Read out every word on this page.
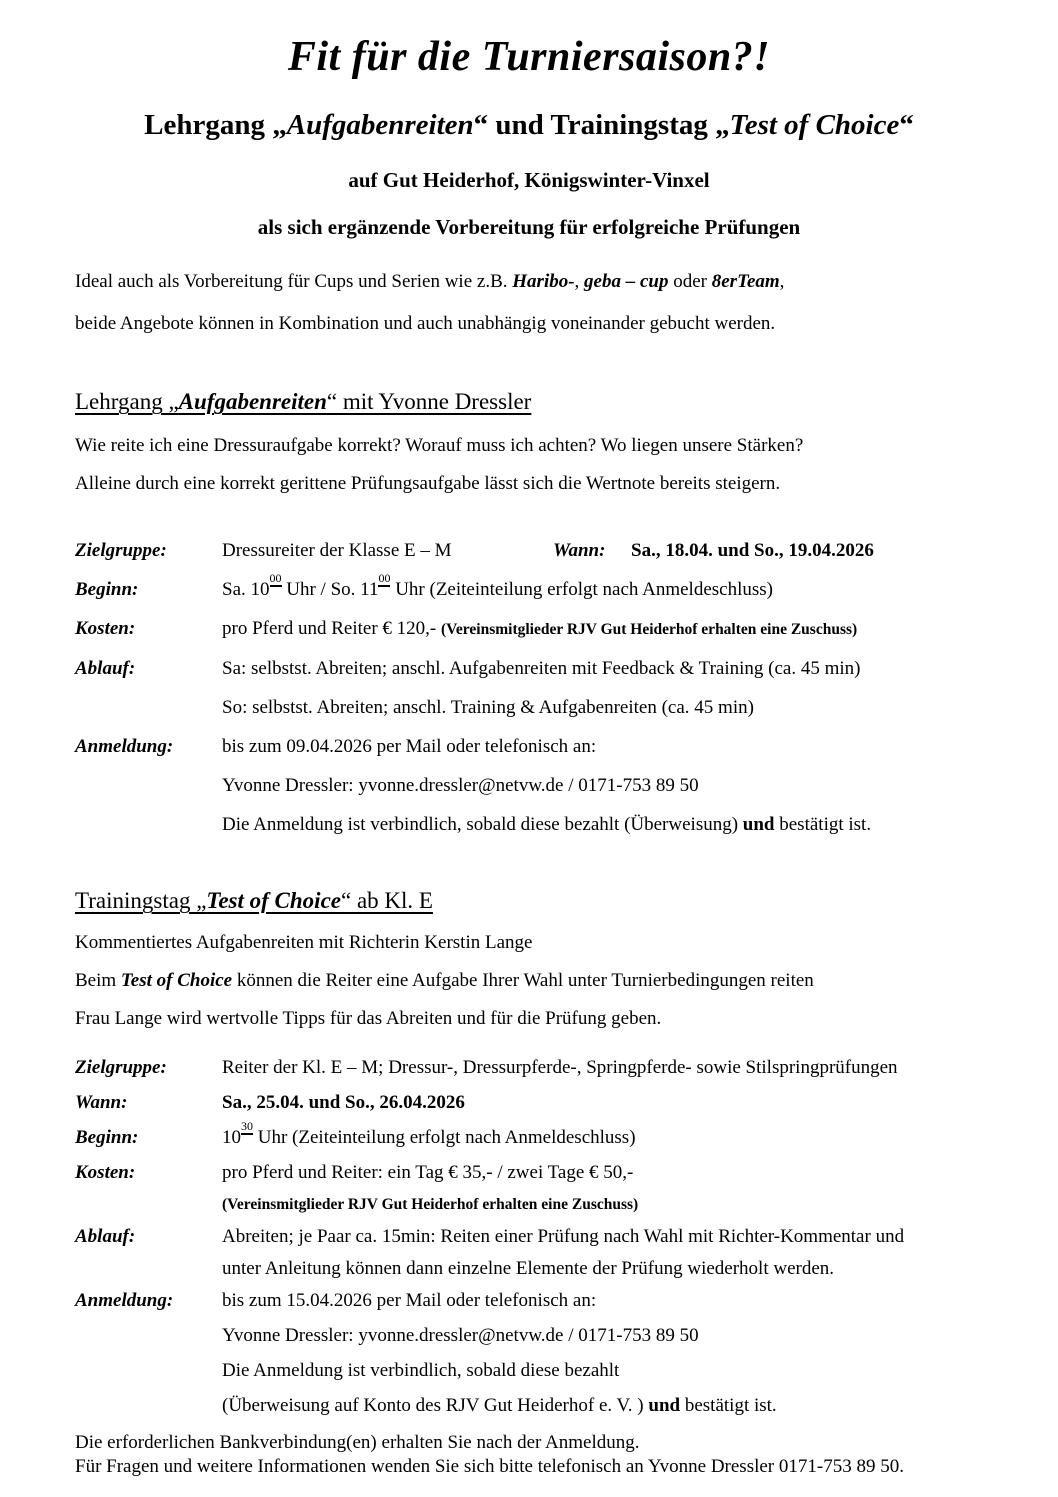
Fit für die Turniersaison?!
Lehrgang „Aufgabenreiten“ und Trainingstag „Test of Choice“
auf Gut Heiderhof, Königswinter-Vinxel
als sich ergänzende Vorbereitung für erfolgreiche Prüfungen
Ideal auch als Vorbereitung für Cups und Serien wie z.B. Haribo-, geba – cup oder 8erTeam,
beide Angebote können in Kombination und auch unabhängig voneinander gebucht werden.
Lehrgang „Aufgabenreiten“ mit Yvonne Dressler
Wie reite ich eine Dressuraufgabe korrekt? Worauf muss ich achten? Wo liegen unsere Stärken?
Alleine durch eine korrekt gerittene Prüfungsaufgabe lässt sich die Wertnote bereits steigern.
Zielgruppe:	Dressureiter der Klasse E – M	Wann:	Sa., 18.04. und So., 19.04.2026
Beginn:	Sa. $10^{00}$ Uhr / So. $11^{00}$ Uhr (Zeiteinteilung erfolgt nach Anmeldeschluss)
Kosten:	pro Pferd und Reiter € 120,- (Vereinsmitglieder RJV Gut Heiderhof erhalten eine Zuschuss)
Ablauf:	Sa: selbstst. Abreiten; anschl. Aufgabenreiten mit Feedback & Training (ca. 45 min)
So: selbstst. Abreiten; anschl. Training & Aufgabenreiten (ca. 45 min)
Anmeldung:	bis zum 09.04.2026 per Mail oder telefonisch an:
Yvonne Dressler: yvonne.dressler@netvw.de / 0171-753 89 50
Die Anmeldung ist verbindlich, sobald diese bezahlt (Überweisung) und bestätigt ist.
Trainingstag „Test of Choice“ ab Kl. E
Kommentiertes Aufgabenreiten mit Richterin Kerstin Lange
Beim Test of Choice können die Reiter eine Aufgabe Ihrer Wahl unter Turnierbedingungen reiten
Frau Lange wird wertvolle Tipps für das Abreiten und für die Prüfung geben.
Zielgruppe:	Reiter der Kl. E – M; Dressur-, Dressurpferde-, Springpferde- sowie Stilspringprüfungen
Wann:	Sa., 25.04. und So., 26.04.2026
Beginn:	$10^{30}$ Uhr (Zeiteinteilung erfolgt nach Anmeldeschluss)
Kosten:	pro Pferd und Reiter: ein Tag € 35,- / zwei Tage € 50,-
(Vereinsmitglieder RJV Gut Heiderhof erhalten eine Zuschuss)
Ablauf:	Abreiten; je Paar ca. 15min: Reiten einer Prüfung nach Wahl mit Richter-Kommentar und
unter Anleitung können dann einzelne Elemente der Prüfung wiederholt werden.
Anmeldung:	bis zum 15.04.2026 per Mail oder telefonisch an:
Yvonne Dressler: yvonne.dressler@netvw.de / 0171-753 89 50
Die Anmeldung ist verbindlich, sobald diese bezahlt
(Überweisung auf Konto des RJV Gut Heiderhof e. V. ) und bestätigt ist.
Die erforderlichen Bankverbindung(en) erhalten Sie nach der Anmeldung.
Für Fragen und weitere Informationen wenden Sie sich bitte telefonisch an Yvonne Dressler 0171-753 89 50.
